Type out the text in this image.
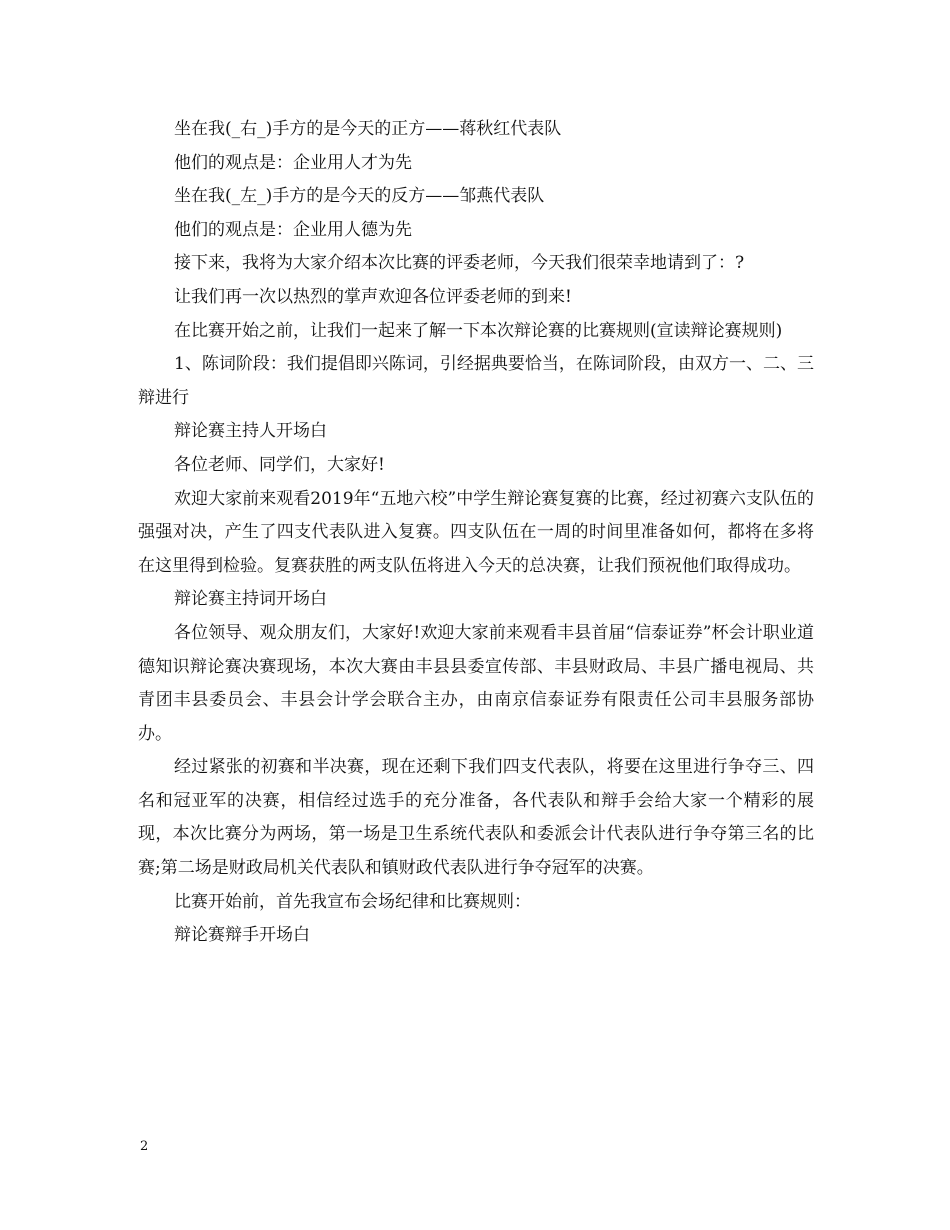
坐在我(_右_)手方的是今天的正方——蒋秋红代表队

他们的观点是：企业用人才为先

坐在我(_左_)手方的是今天的反方——邹燕代表队

他们的观点是：企业用人德为先

接下来，我将为大家介绍本次比赛的评委老师，今天我们很荣幸地请到了：?

让我们再一次以热烈的掌声欢迎各位评委老师的到来!

在比赛开始之前，让我们一起来了解一下本次辩论赛的比赛规则(宣读辩论赛规则)

1、陈词阶段：我们提倡即兴陈词，引经据典要恰当，在陈词阶段，由双方一、二、三辩进行

辩论赛主持人开场白

各位老师、同学们，大家好!

欢迎大家前来观看2019年“五地六校”中学生辩论赛复赛的比赛，经过初赛六支队伍的强强对决，产生了四支代表队进入复赛。四支队伍在一周的时间里准备如何，都将在多将在这里得到检验。复赛获胜的两支队伍将进入今天的总决赛，让我们预祝他们取得成功。

辩论赛主持词开场白

各位领导、观众朋友们，大家好!欢迎大家前来观看丰县首届“信泰证券”杯会计职业道德知识辩论赛决赛现场，本次大赛由丰县县委宣传部、丰县财政局、丰县广播电视局、共青团丰县委员会、丰县会计学会联合主办，由南京信泰证券有限责任公司丰县服务部协办。

经过紧张的初赛和半决赛，现在还剩下我们四支代表队，将要在这里进行争夺三、四名和冠亚军的决赛，相信经过选手的充分准备，各代表队和辩手会给大家一个精彩的展现，本次比赛分为两场，第一场是卫生系统代表队和委派会计代表队进行争夺第三名的比赛;第二场是财政局机关代表队和镇财政代表队进行争夺冠军的决赛。

比赛开始前，首先我宣布会场纪律和比赛规则：

辩论赛辩手开场白

2
